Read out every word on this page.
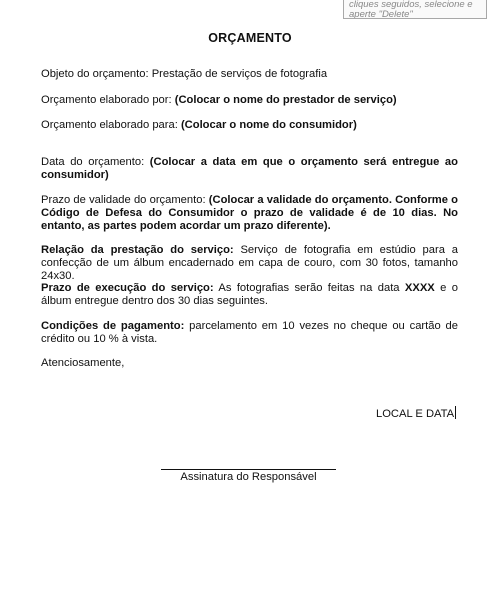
cliques seguidos, selecione e
aperte "Delete"
ORÇAMENTO
Objeto do orçamento: Prestação de serviços de fotografia
Orçamento elaborado por: (Colocar o nome do prestador de serviço)
Orçamento elaborado para: (Colocar o nome do consumidor)
Data do orçamento: (Colocar a data em que o orçamento será entregue ao consumidor)
Prazo de validade do orçamento: (Colocar a validade do orçamento. Conforme o Código de Defesa do Consumidor o prazo de validade é de 10 dias. No entanto, as partes podem acordar um prazo diferente).
Relação da prestação do serviço: Serviço de fotografia em estúdio para a confecção de um álbum encadernado em capa de couro, com 30 fotos, tamanho 24x30.
Prazo de execução do serviço: As fotografias serão feitas na data XXXX e o álbum entregue dentro dos 30 dias seguintes.
Condições de pagamento: parcelamento em 10 vezes no cheque ou cartão de crédito ou 10 % à vista.
Atenciosamente,
LOCAL E DATA
Assinatura do Responsável
